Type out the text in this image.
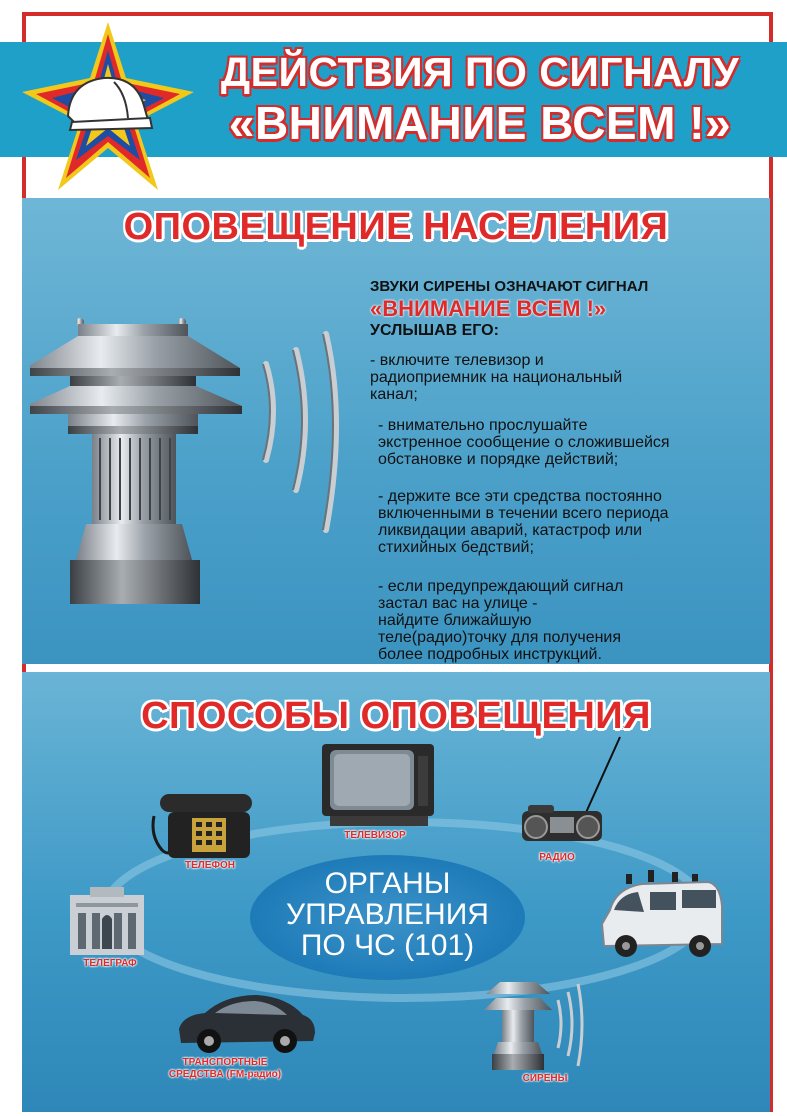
ДЕЙСТВИЯ ПО СИГНАЛУ
«ВНИМАНИЕ ВСЕМ !»
ОПОВЕЩЕНИЕ НАСЕЛЕНИЯ
СПОСОБЫ ОПОВЕЩЕНИЯ
ЗВУКИ СИРЕНЫ ОЗНАЧАЮТ СИГНАЛ
«ВНИМАНИЕ ВСЕМ !»
УСЛЫШАВ ЕГО:
- включите телевизор и
радиоприемник на национальный
канал;
- внимательно прослушайте
экстренное сообщение о сложившейся
обстановке и порядке действий;
- держите все эти средства постоянно
включенными в течении всего периода
ликвидации аварий, катастроф или
стихийных бедствий;
- если предупреждающий сигнал
застал вас на улице -
найдите ближайшую
теле(радио)точку для получения
более подробных инструкций.
ОРГАНЫ
УПРАВЛЕНИЯ
ПО ЧС (101)
ТЕЛЕФОН
ТЕЛЕВИЗОР
РАДИО
ТЕЛЕГРАФ
ТРАНСПОРТНЫЕ
СРЕДСТВА (FM-радио)	СИРЕНЫ
